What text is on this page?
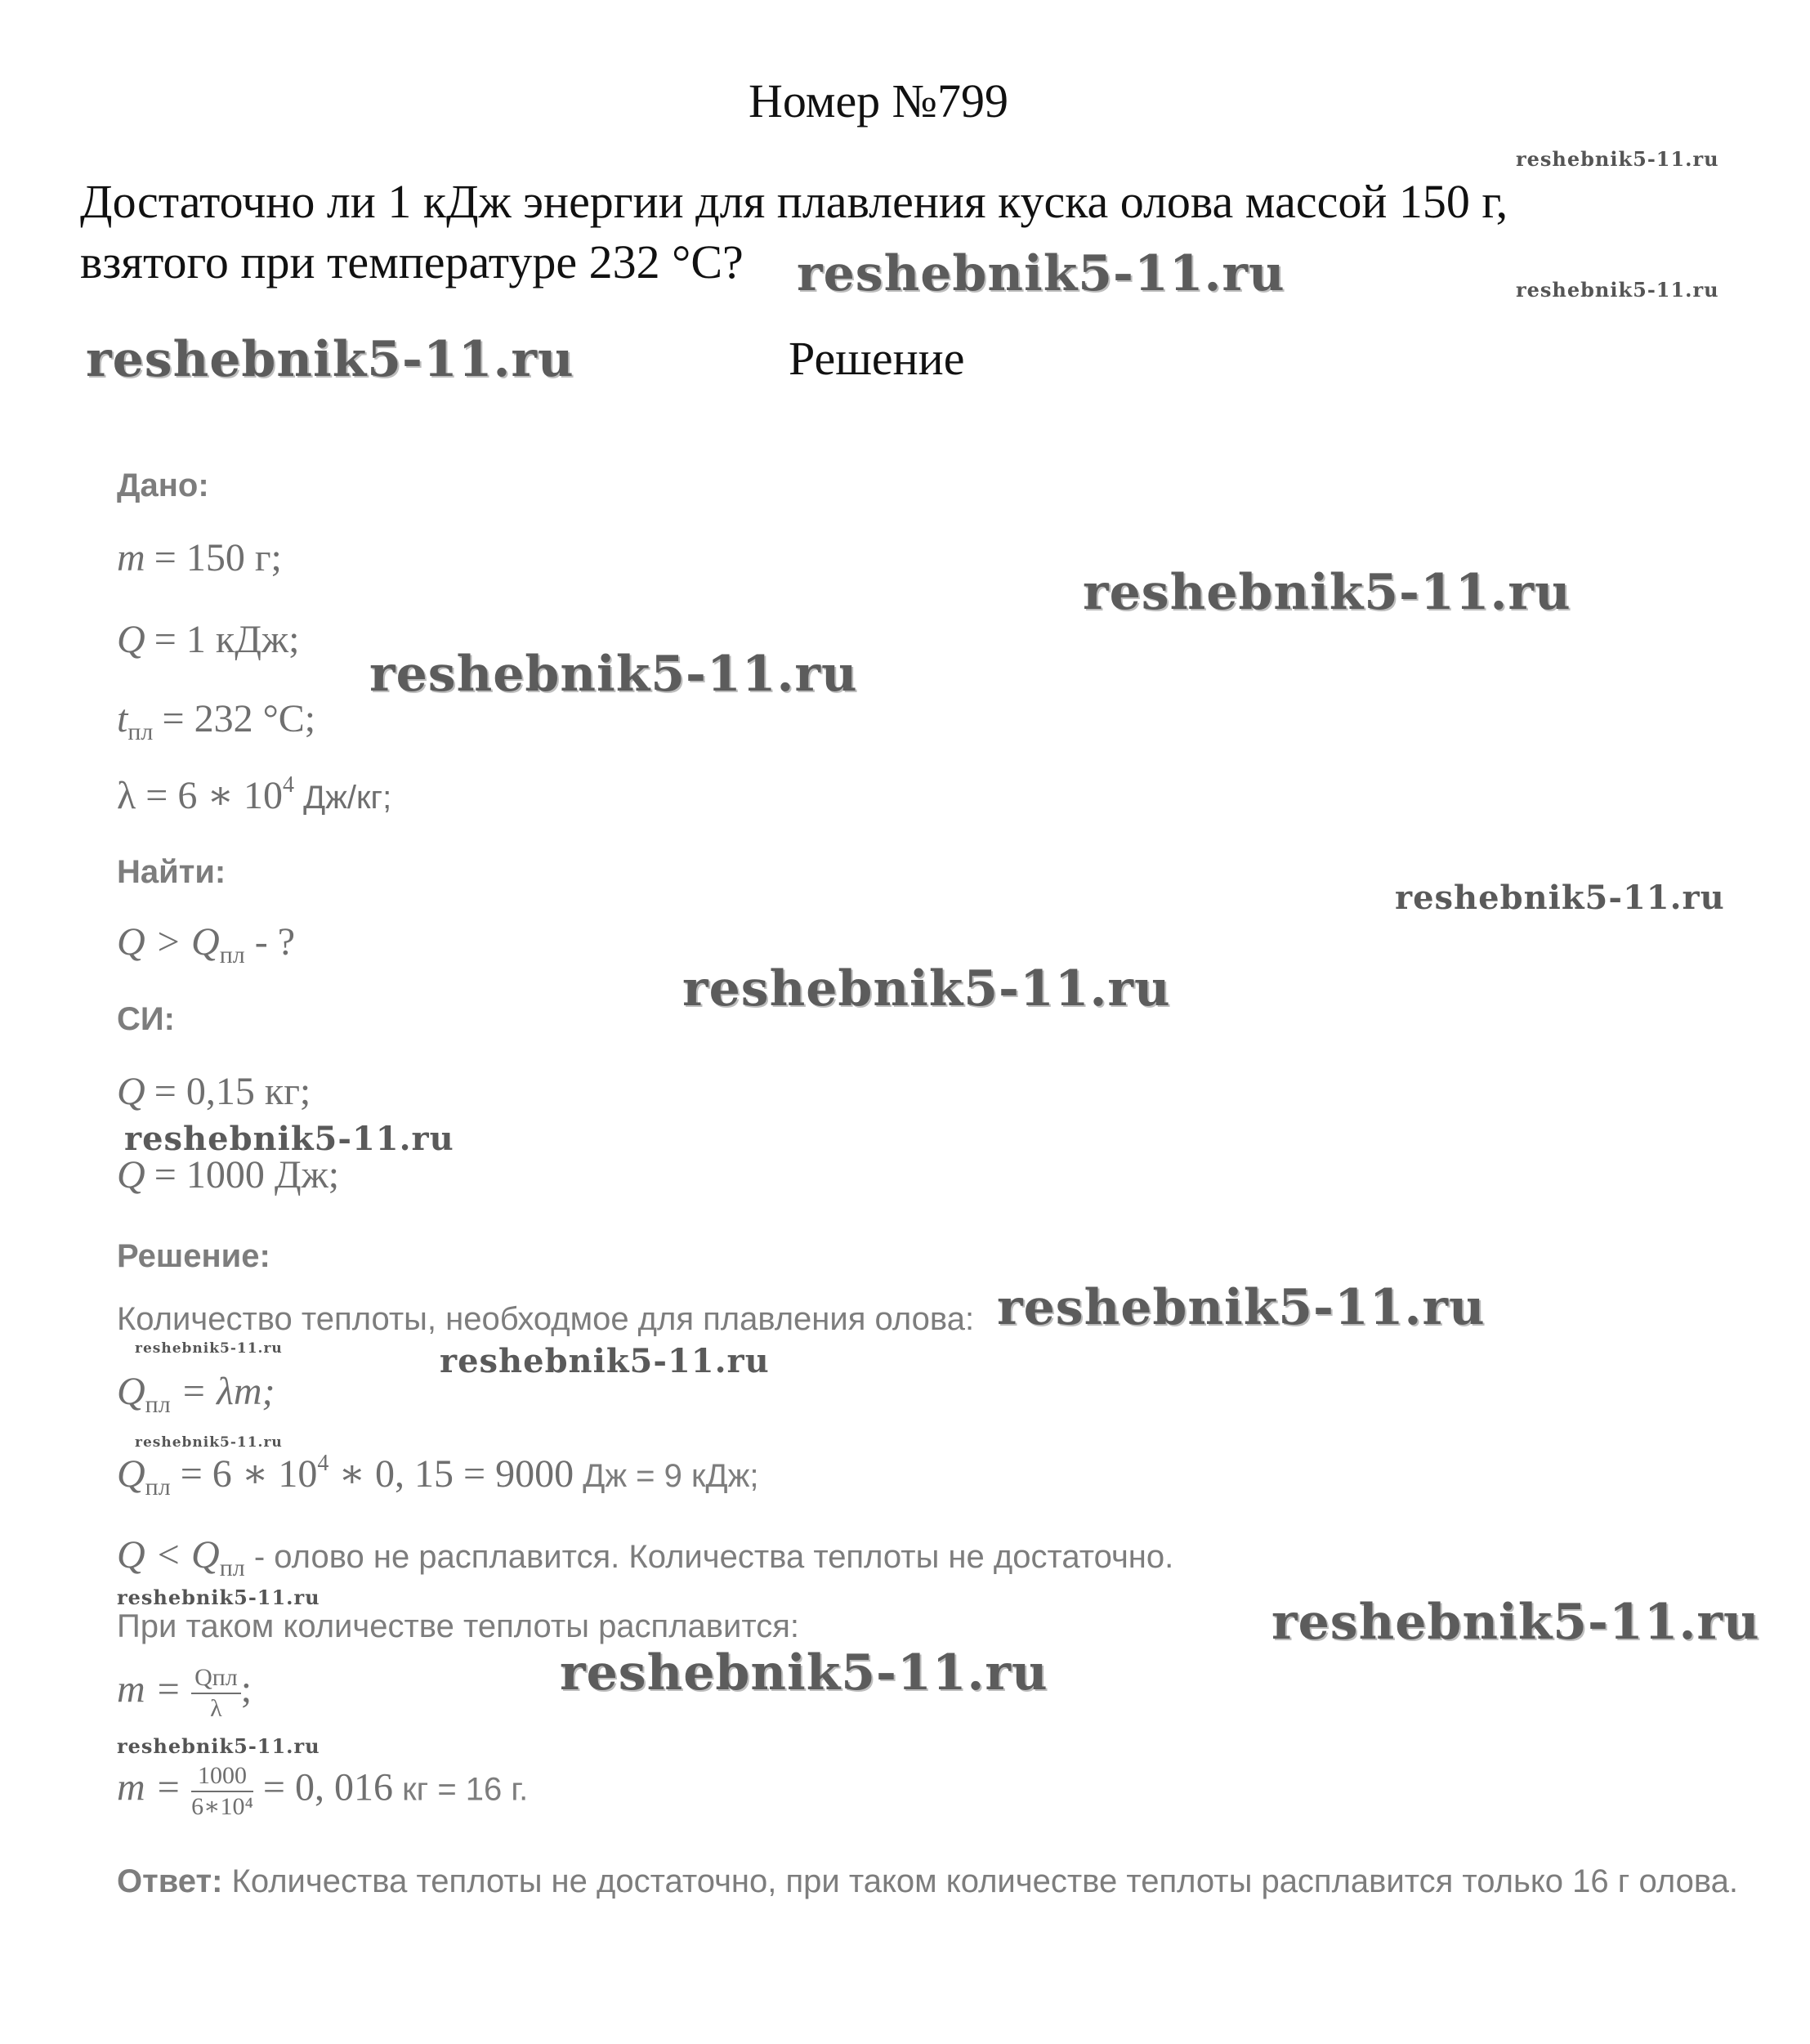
Номер №799
Достаточно ли 1 кДж энергии для плавления куска олова массой 150 г,
взятого при температуре 232 °С?
Решение
Дано:
m = 150 г;
Q = 1 кДж;
$t_{пл} = 232$ °С;
λ = 6 ∗ $10^4$ Дж/кг;
Найти:
$Q > Q_{пл}$ - ?
СИ:
Q = 0,15 кг;
Q = 1000 Дж;
Решение:
Количество теплоты, необходмое для плавления олова:
$Q_{пл} = \lambda m$;
$Q_{пл} = 6$ ∗ $10^4$ ∗ 0, 15 = 9000 Дж = 9 кДж;
$Q < Q_{пл}$ - олово не расплавится. Количества теплоты не достаточно.
При таком количестве теплоты расплавится:
$m = \frac{\text{Qпл}}{\lambda}$ ;
$m = \frac{1000}{\text{6∗10⁴}} = 0$, 016 кг = 16 г.
Ответ: Количества теплоты не достаточно, при таком количестве теплоты расплавится только 16 г олова.
reshebnik5-11.ru
reshebnik5-11.ru	reshebnik5-11.ru
reshebnik5-11.ru
reshebnik5-11.ru
reshebnik5-11.ru
reshebnik5-11.ru
reshebnik5-11.ru
reshebnik5-11.ru
reshebnik5-11.ru
reshebnik5-11.ru	reshebnik5-11.ru
reshebnik5-11.ru
reshebnik5-11.ru	reshebnik5-11.ru
reshebnik5-11.ru
reshebnik5-11.ru
